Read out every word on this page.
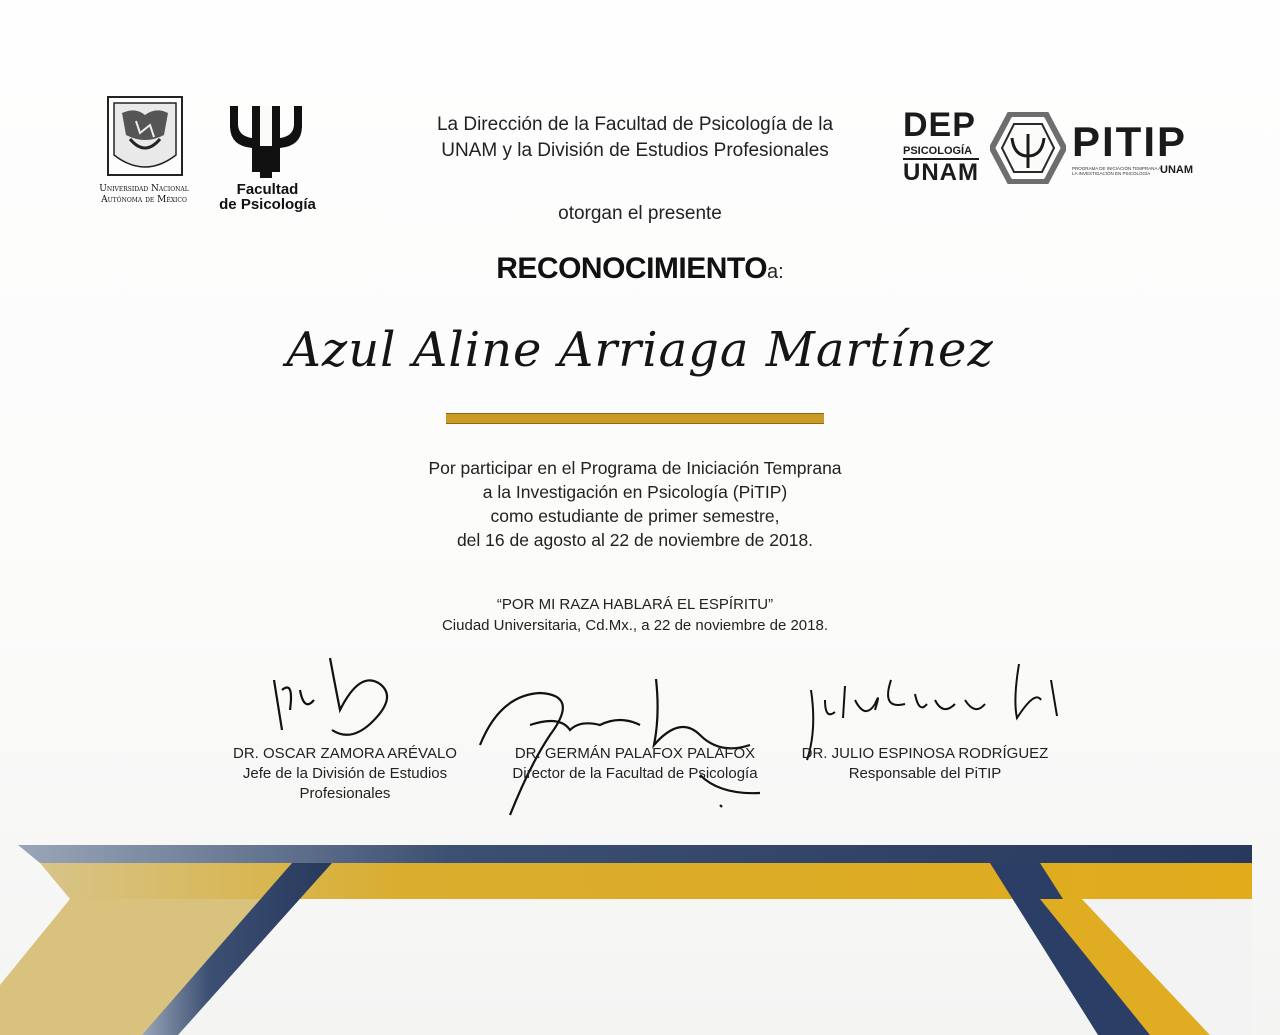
Universidad Nacional Autónoma de México
Facultad
de Psicología
DEP
PSICOLOGÍA
UNAM
PITIP
PROGRAMA DE INICIACIÓN TEMPRANA A LA INVESTIGACIÓN EN PSICOLOGÍA UNAM
La Dirección de la Facultad de Psicología de la
UNAM y la División de Estudios Profesionales
otorgan el presente
RECONOCIMIENTOa:
Azul Aline Arriaga Martínez
Por participar en el Programa de Iniciación Temprana
a la Investigación en Psicología (PiTIP)
como estudiante de primer semestre,
del 16 de agosto al 22 de noviembre de 2018.
“POR MI RAZA HABLARÁ EL ESPÍRITU”
Ciudad Universitaria, Cd.Mx., a 22 de noviembre de 2018.
DR. OSCAR ZAMORA ARÉVALO
Jefe de la División de Estudios
Profesionales
DR. GERMÁN PALAFOX PALAFOX
Director de la Facultad de Psicología
DR. JULIO ESPINOSA RODRÍGUEZ
Responsable del PiTIP
